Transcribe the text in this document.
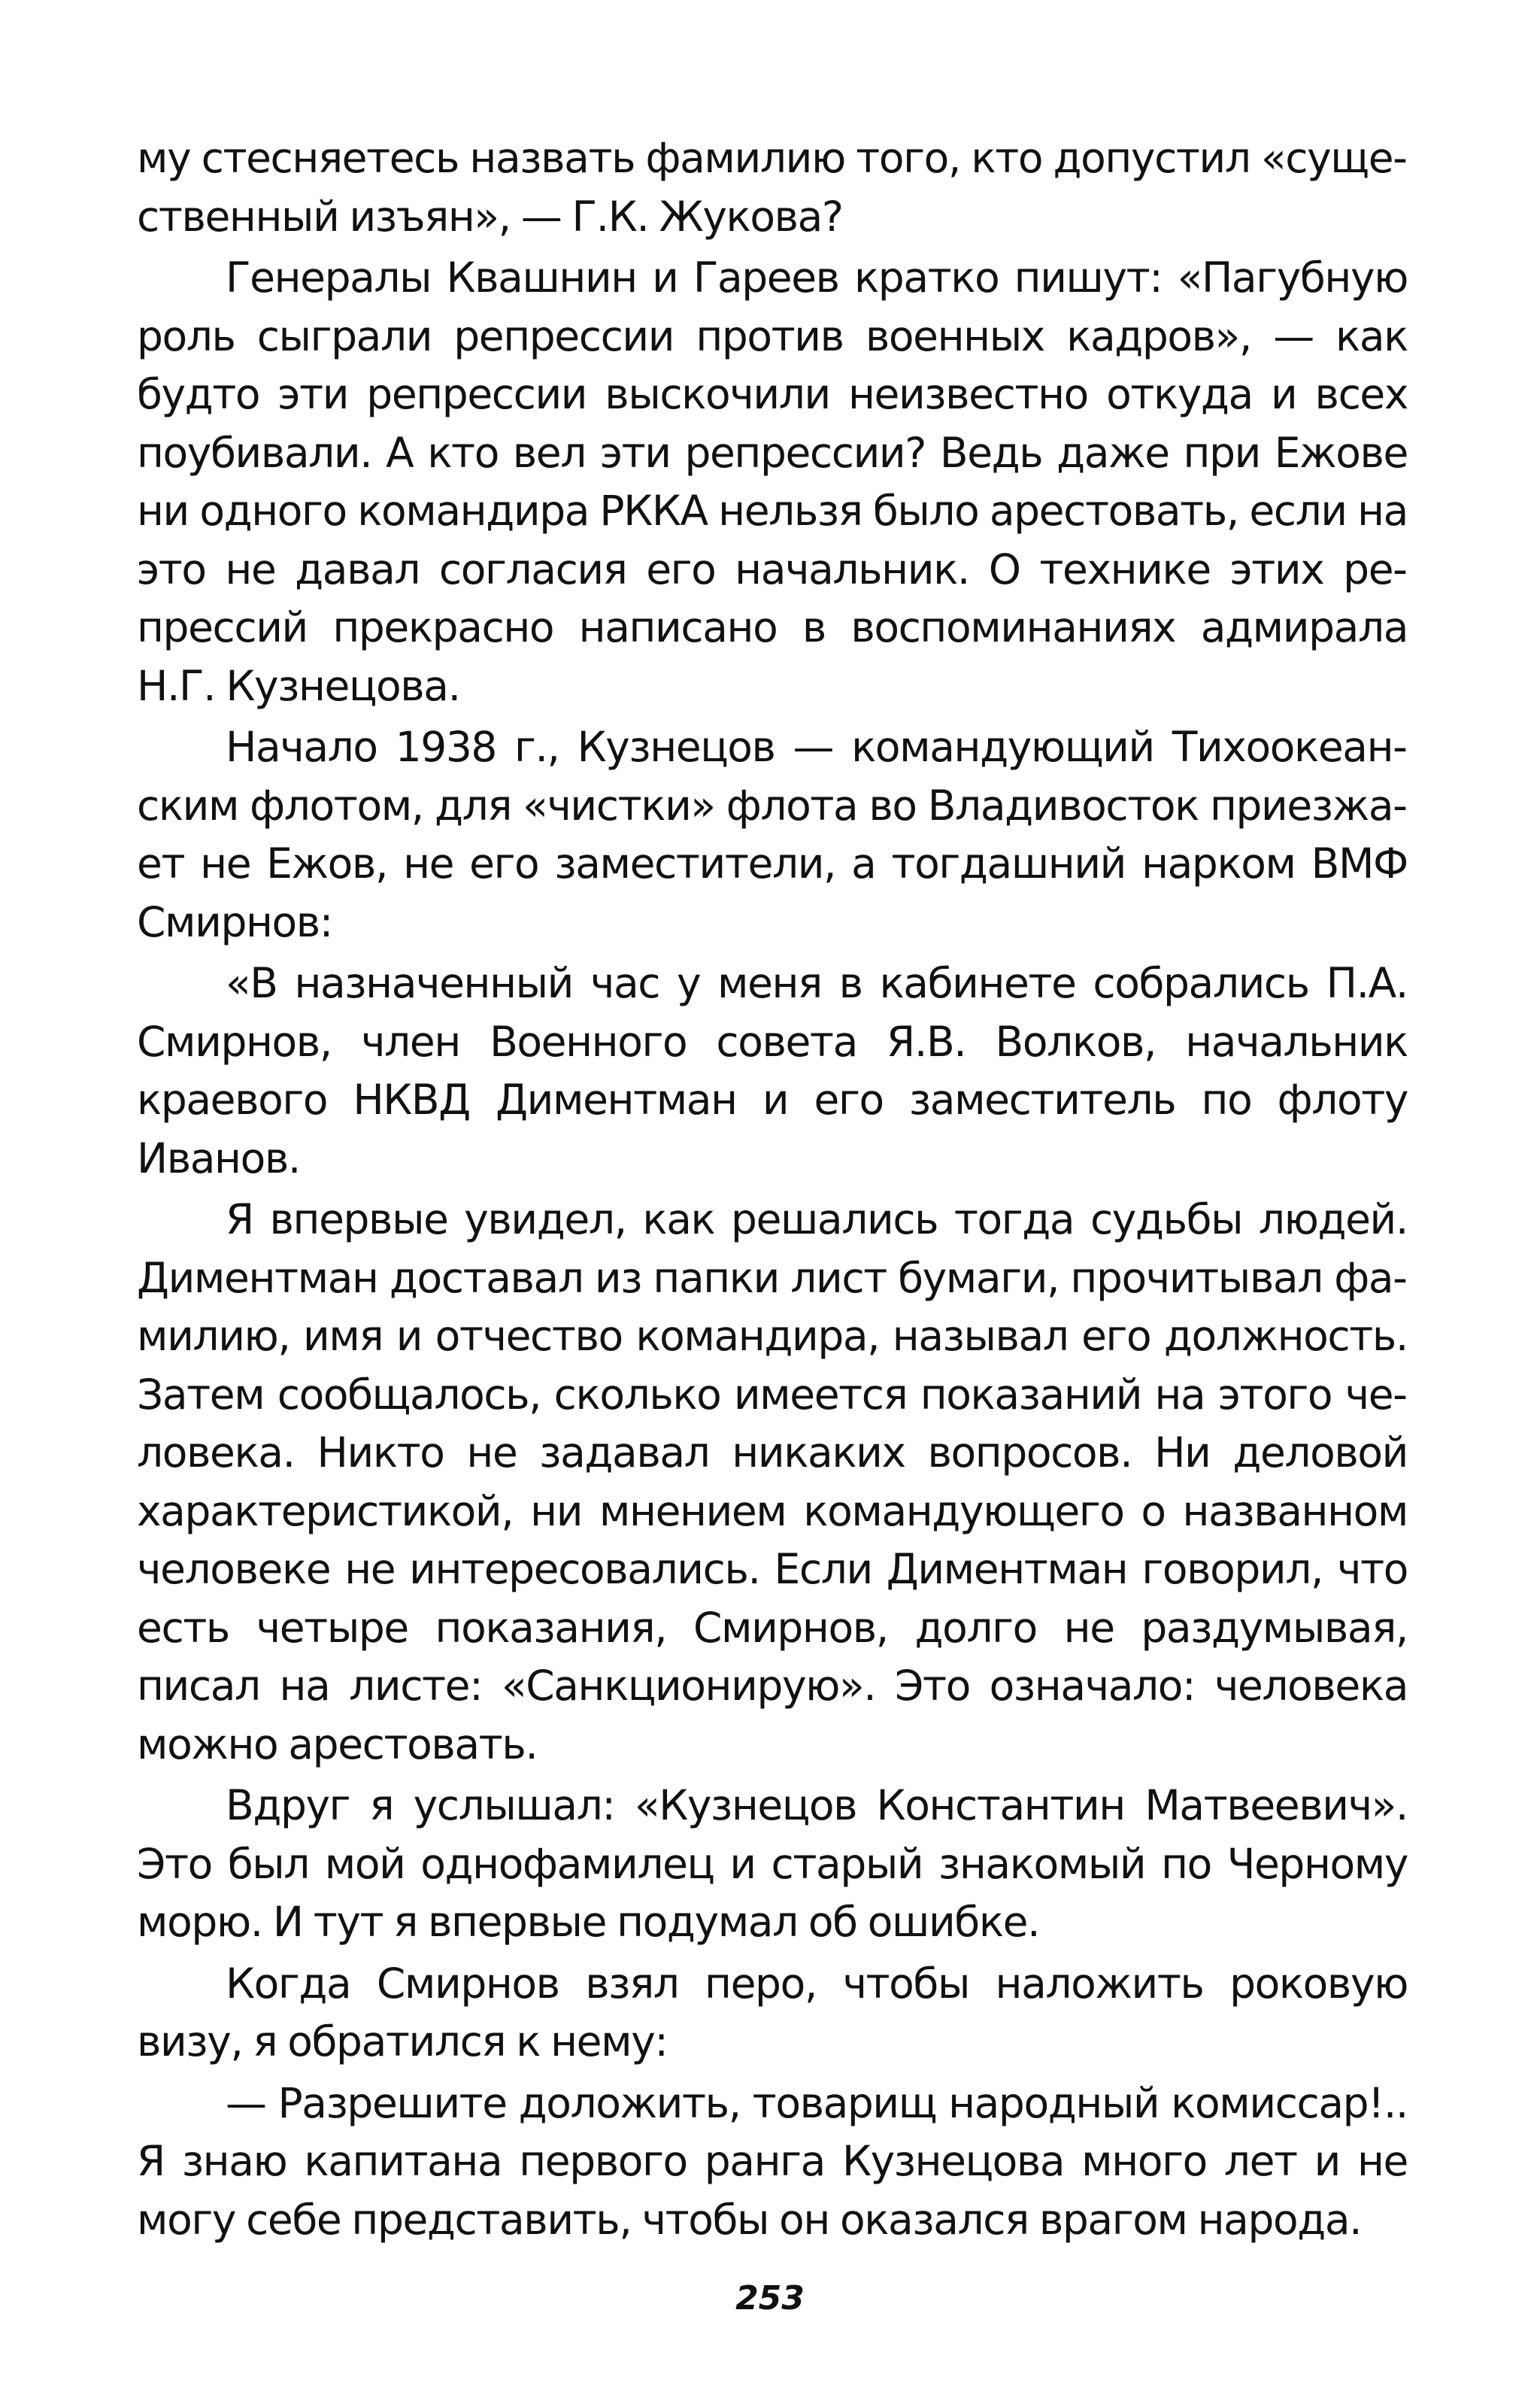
му стесняетесь назвать фамилию того, кто допустил «существенный изъян», — Г.К. Жукова?

Генералы Квашнин и Гареев кратко пишут: «Пагубную роль сыграли репрессии против военных кадров», — как будто эти репрессии выскочили неизвестно откуда и всех поубивали. А кто вел эти репрессии? Ведь даже при Ежове ни одного командира РККА нельзя было арестовать, если на это не давал согласия его начальник. О технике этих репрессий прекрасно написано в воспоминаниях адмирала Н.Г. Кузнецова.

Начало 1938 г., Кузнецов — командующий Тихоокеанским флотом, для «чистки» флота во Владивосток приезжает не Ежов, не его заместители, а тогдашний нарком ВМФ Смирнов:

«В назначенный час у меня в кабинете собрались П.А. Смирнов, член Военного совета Я.В. Волков, начальник краевого НКВД Диментман и его заместитель по флоту Иванов.

Я впервые увидел, как решались тогда судьбы людей. Диментман доставал из папки лист бумаги, прочитывал фамилию, имя и отчество командира, называл его должность. Затем сообщалось, сколько имеется показаний на этого человека. Никто не задавал никаких вопросов. Ни деловой характеристикой, ни мнением командующего о названном человеке не интересовались. Если Диментман говорил, что есть четыре показания, Смирнов, долго не раздумывая, писал на листе: «Санкционирую». Это означало: человека можно арестовать.

Вдруг я услышал: «Кузнецов Константин Матвеевич». Это был мой однофамилец и старый знакомый по Черному морю. И тут я впервые подумал об ошибке.

Когда Смирнов взял перо, чтобы наложить роковую визу, я обратился к нему:

— Разрешите доложить, товарищ народный комиссар!.. Я знаю капитана первого ранга Кузнецова много лет и не могу себе представить, чтобы он оказался врагом народа.

253
